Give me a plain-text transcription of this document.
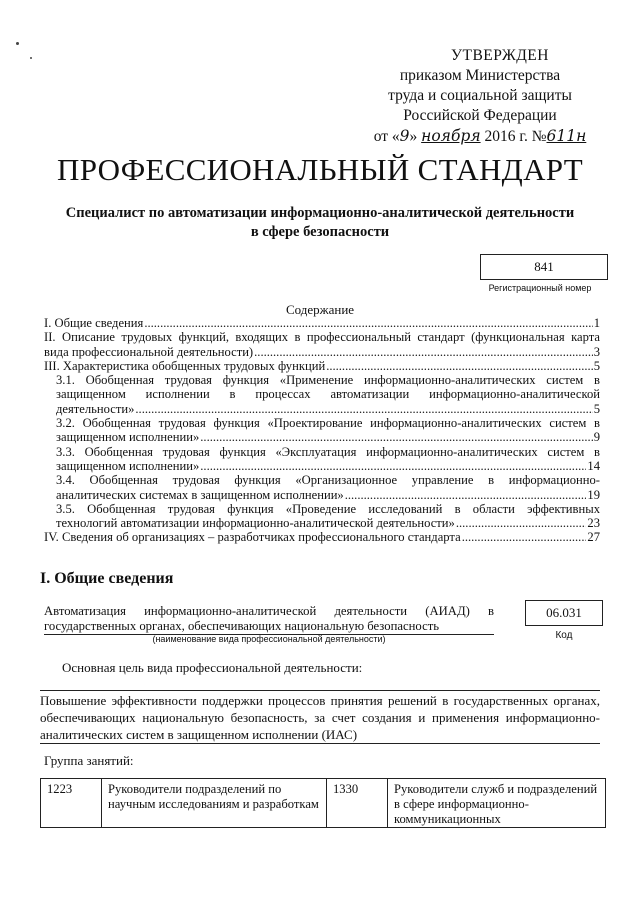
УТВЕРЖДЕН
приказом Министерства
труда и социальной защиты
Российской Федерации
от «9» ноября 2016 г. №611н
ПРОФЕССИОНАЛЬНЫЙ СТАНДАРТ
Специалист по автоматизации информационно-аналитической деятельности
в сфере безопасности
841
Регистрационный номер
Содержание
I. Общие сведения .....	1
II. Описание трудовых функций, входящих в профессиональный стандарт (функциональная карта
вида профессиональной деятельности) .....	3
III. Характеристика обобщенных трудовых функций .....	5
3.1. Обобщенная трудовая функция «Применение информационно-аналитических систем в
защищенном исполнении в процессах автоматизации информационно-аналитической
деятельности» .....	5
3.2. Обобщенная трудовая функция «Проектирование информационно-аналитических систем в
защищенном исполнении» .....	9
3.3. Обобщенная трудовая функция «Эксплуатация информационно-аналитических систем в
защищенном исполнении» .....	14
3.4. Обобщенная трудовая функция «Организационное управление в информационно-
аналитических системах в защищенном исполнении» .....	19
3.5. Обобщенная трудовая функция «Проведение исследований в области эффективных
технологий автоматизации информационно-аналитической деятельности» .....	23
IV. Сведения об организациях – разработчиках профессионального стандарта .....	27
I. Общие сведения
Автоматизация информационно-аналитической деятельности (АИАД) в
государственных органах, обеспечивающих национальную безопасность
(наименование вида профессиональной деятельности)
06.031
Код
Основная цель вида профессиональной деятельности:
Повышение эффективности поддержки процессов принятия решений в государственных органах,
обеспечивающих национальную безопасность, за счет создания и применения информационно-
аналитических систем в защищенном исполнении (ИАС)
Группа занятий:
1223	Руководители подразделений по научным исследованиям и разработкам	1330	Руководители служб и подразделений в сфере информационно-коммуникационных
